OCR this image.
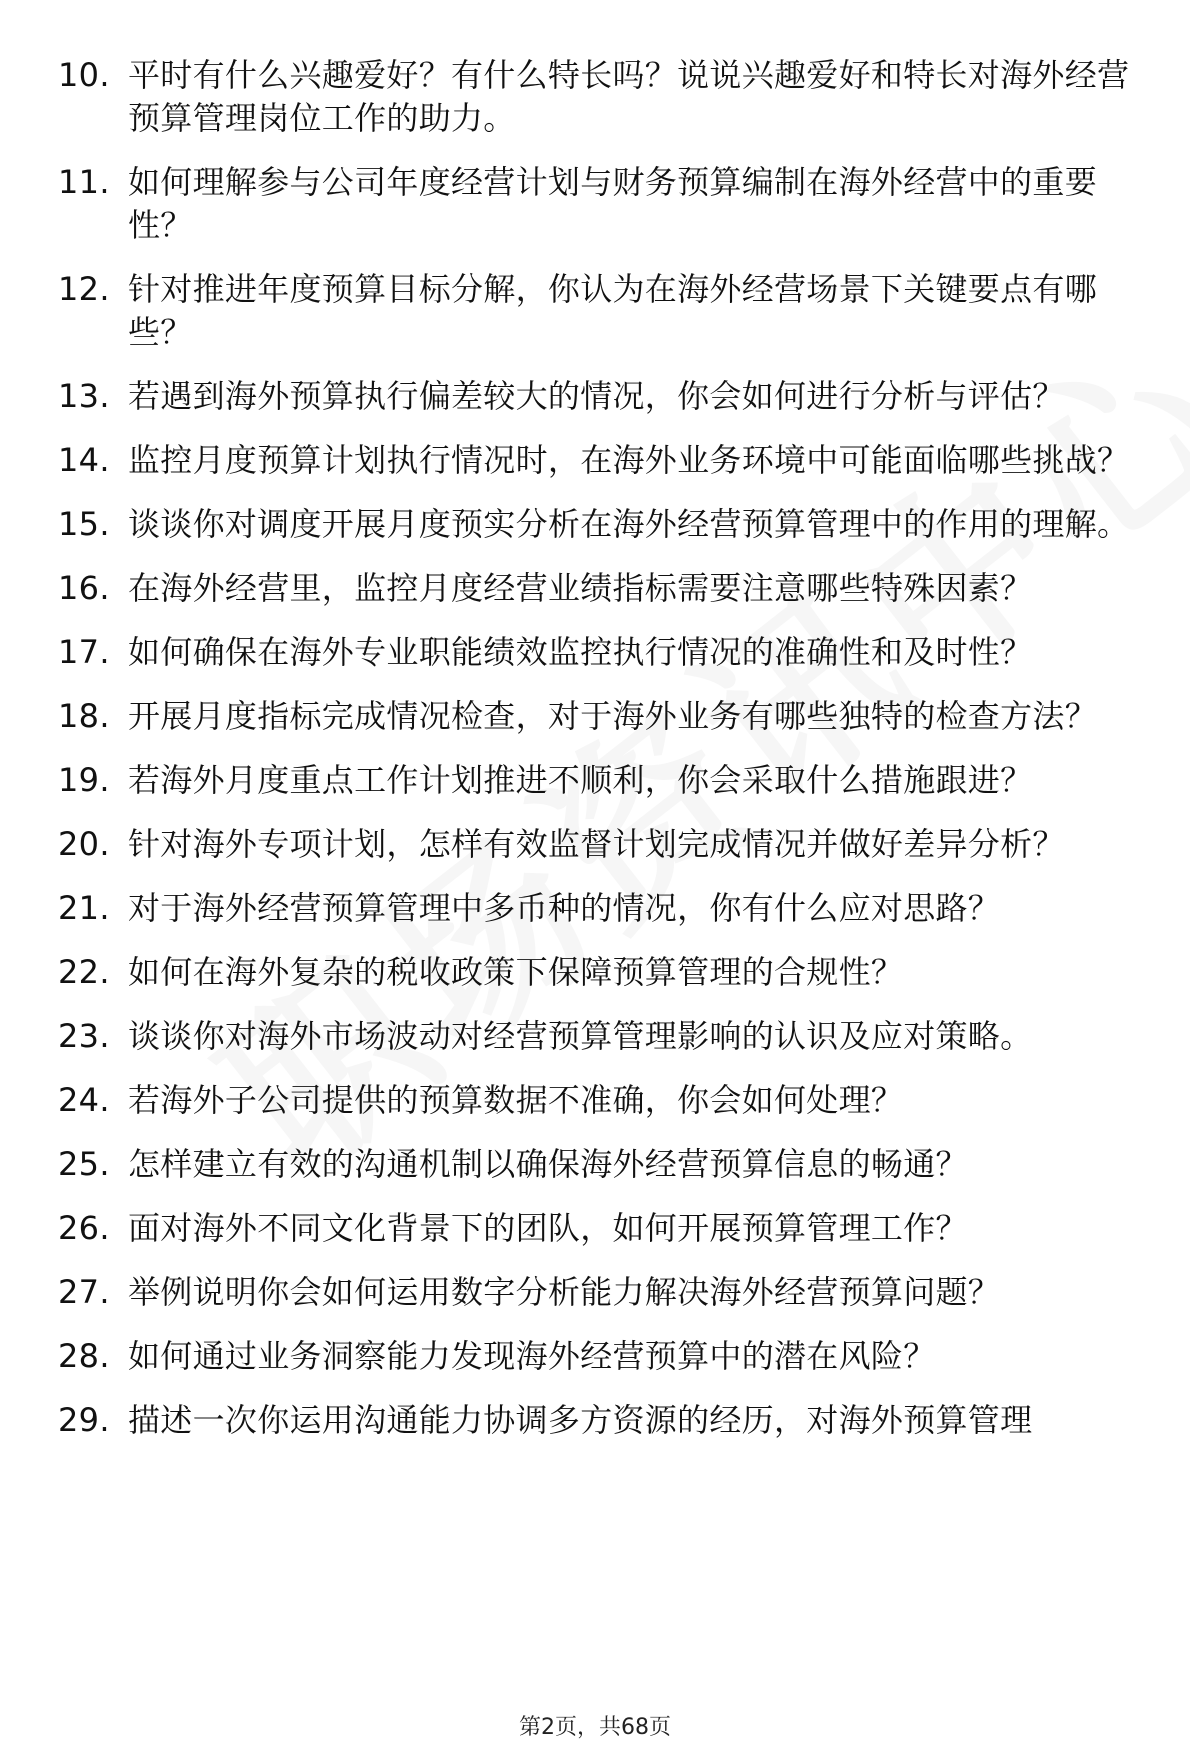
10. 平时有什么兴趣爱好？有什么特长吗？说说兴趣爱好和特长对海外经营预算管理岗位工作的助力。
11. 如何理解参与公司年度经营计划与财务预算编制在海外经营中的重要性？
12. 针对推进年度预算目标分解，你认为在海外经营场景下关键要点有哪些？
13. 若遇到海外预算执行偏差较大的情况，你会如何进行分析与评估？
14. 监控月度预算计划执行情况时，在海外业务环境中可能面临哪些挑战？
15. 谈谈你对调度开展月度预实分析在海外经营预算管理中的作用的理解。
16. 在海外经营里，监控月度经营业绩指标需要注意哪些特殊因素？
17. 如何确保在海外专业职能绩效监控执行情况的准确性和及时性？
18. 开展月度指标完成情况检查，对于海外业务有哪些独特的检查方法？
19. 若海外月度重点工作计划推进不顺利，你会采取什么措施跟进？
20. 针对海外专项计划，怎样有效监督计划完成情况并做好差异分析？
21. 对于海外经营预算管理中多币种的情况，你有什么应对思路？
22. 如何在海外复杂的税收政策下保障预算管理的合规性？
23. 谈谈你对海外市场波动对经营预算管理影响的认识及应对策略。
24. 若海外子公司提供的预算数据不准确，你会如何处理？
25. 怎样建立有效的沟通机制以确保海外经营预算信息的畅通？
26. 面对海外不同文化背景下的团队，如何开展预算管理工作？
27. 举例说明你会如何运用数字分析能力解决海外经营预算问题？
28. 如何通过业务洞察能力发现海外经营预算中的潜在风险？
29. 描述一次你运用沟通能力协调多方资源的经历，对海外预算管理
第2页，共68页
